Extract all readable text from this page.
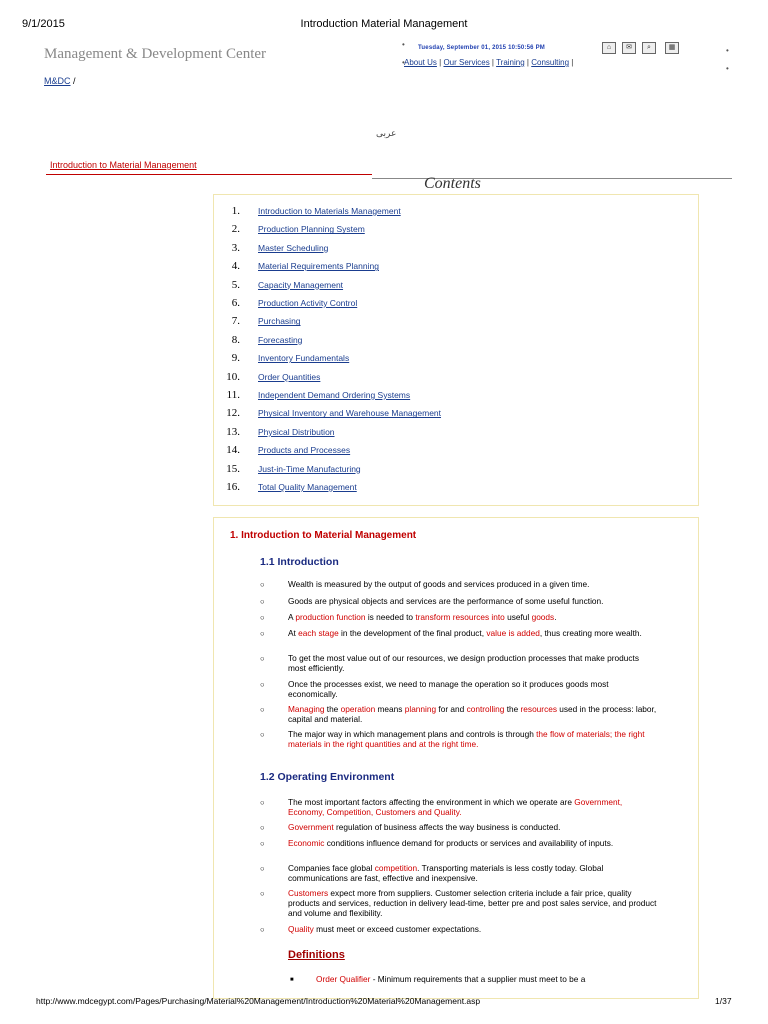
Introduction Material Management
9/1/2015
Management & Development Center
•

•
•

•
Tuesday, September 01, 2015 10:50:56 PM	⌂	✉	⌕	▦
About Us | Our Services | Training | Consulting |
M&DC /
عربى
Introduction to Material Management
Contents
1. Introduction to Materials Management
2. Production Planning System
3. Master Scheduling
4. Material Requirements Planning
5. Capacity Management
6. Production Activity Control
7. Purchasing
8. Forecasting
9. Inventory Fundamentals
10. Order Quantities
11. Independent Demand Ordering Systems
12. Physical Inventory and Warehouse Management
13. Physical Distribution
14. Products and Processes
15. Just-in-Time Manufacturing
16. Total Quality Management
1. Introduction to Material Management
1.1 Introduction
○	Wealth is measured by the output of goods and services produced in a given time.
○	Goods are physical objects and services are the performance of some useful function.
○	A production function is needed to transform resources into useful goods.
○	At each stage in the development of the final product, value is added, thus creating more wealth.
○	To get the most value out of our resources, we design production processes that make products most efficiently.
○	Once the processes exist, we need to manage the operation so it produces goods most economically.
○	Managing the operation means planning for and controlling the resources used in the process: labor, capital and material.
○	The major way in which management plans and controls is through the flow of materials; the right materials in the right quantities and at the right time.
1.2 Operating Environment
○	The most important factors affecting the environment in which we operate are Government, Economy, Competition, Customers and Quality.
○	Government regulation of business affects the way business is conducted.
○	Economic conditions influence demand for products or services and availability of inputs.
○	Companies face global competition. Transporting materials is less costly today. Global communications are fast, effective and inexpensive.
○	Customers expect more from suppliers. Customer selection criteria include a fair price, quality products and services, reduction in delivery lead-time, better pre and post sales service, and product and volume and flexibility.
○	Quality must meet or exceed customer expectations.
Definitions
■	Order Qualifier - Minimum requirements that a supplier must meet to be a
http://www.mdcegypt.com/Pages/Purchasing/Material%20Management/Introduction%20Material%20Management.asp	1/37
